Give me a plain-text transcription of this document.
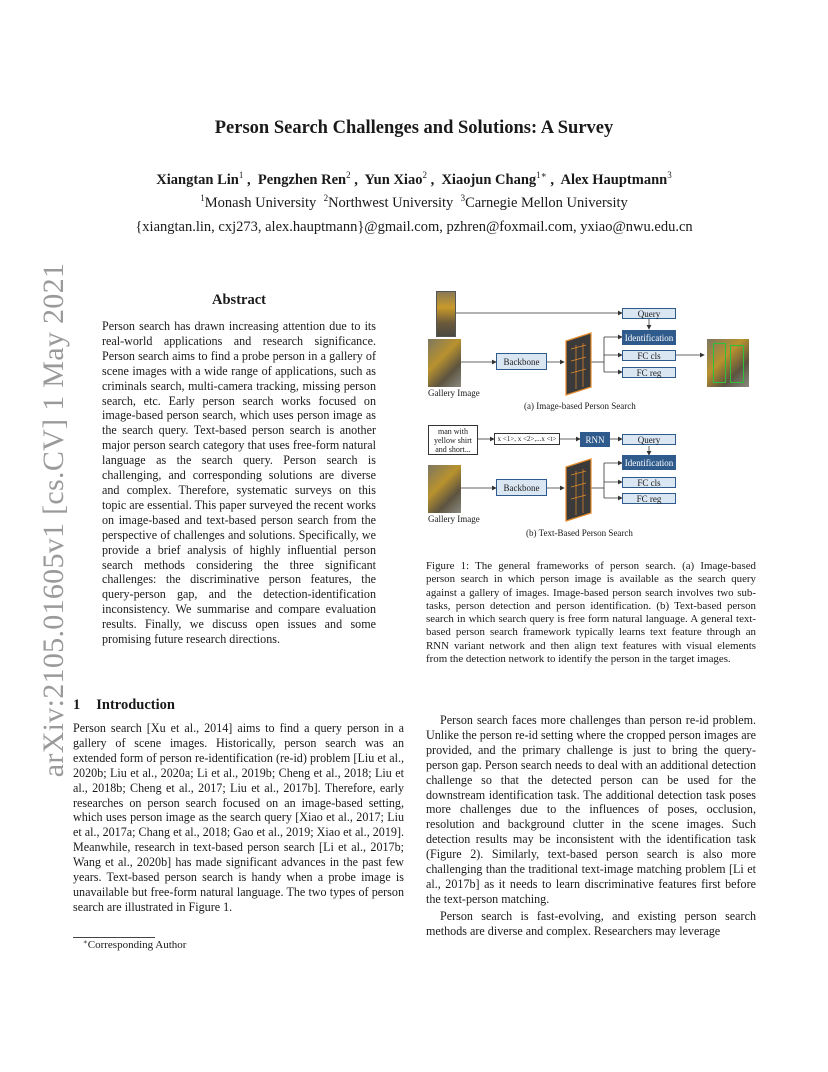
arXiv:2105.01605v1 [cs.CV] 1 May 2021
Person Search Challenges and Solutions: A Survey
Xiangtan Lin$^1$ ,  Pengzhen Ren$^2$ ,  Yun Xiao$^2$ ,  Xiaojun Chang$^{1∗}$ ,  Alex Hauptmann$^3$
$^1$Monash University $^2$Northwest University $^3$Carnegie Mellon University
{xiangtan.lin, cxj273, alex.hauptmann}@gmail.com, pzhren@foxmail.com, yxiao@nwu.edu.cn
Abstract
Person search has drawn increasing attention due to its real-world applications and research significance. Person search aims to find a probe person in a gallery of scene images with a wide range of applications, such as criminals search, multi-camera tracking, missing person search, etc. Early person search works focused on image-based person search, which uses person image as the search query. Text-based person search is another major person search category that uses free-form natural language as the search query. Person search is challenging, and corresponding solutions are diverse and complex. Therefore, systematic surveys on this topic are essential. This paper surveyed the recent works on image-based and text-based person search from the perspective of challenges and solutions. Specifically, we provide a brief analysis of highly influential person search methods considering the three significant challenges: the discriminative person features, the query-person gap, and the detection-identification inconsistency. We summarise and compare evaluation results. Finally, we discuss open issues and some promising future research directions.
1 Introduction
Person search [Xu et al., 2014] aims to find a query person in a gallery of scene images. Historically, person search was an extended form of person re-identification (re-id) problem [Liu et al., 2020b; Liu et al., 2020a; Li et al., 2019b; Cheng et al., 2018; Liu et al., 2018b; Cheng et al., 2017; Liu et al., 2017b]. Therefore, early researches on person search focused on an image-based setting, which uses person image as the search query [Xiao et al., 2017; Liu et al., 2017a; Chang et al., 2018; Gao et al., 2019; Xiao et al., 2019]. Meanwhile, research in text-based person search [Li et al., 2017b; Wang et al., 2020b] has made significant advances in the past few years. Text-based person search is handy when a probe image is unavailable but free-form natural language. The two types of person search are illustrated in Figure 1.
∗Corresponding Author
Gallery Image
Backbone
Query
Identification
FC cls
FC reg
(a) Image-based Person Search
man with yellow shirt and short...
x <1>, x <2>,...x <t>	RNN	Query
Identification
FC cls
FC reg
Backbone
Gallery Image
(b) Text-Based Person Search
Figure 1: The general frameworks of person search. (a) Image-based person search in which person image is available as the search query against a gallery of images. Image-based person search involves two sub-tasks, person detection and person identification. (b) Text-based person search in which search query is free form natural language. A general text-based person search framework typically learns text feature through an RNN variant network and then align text features with visual elements from the detection network to identify the person in the target images.

Person search faces more challenges than person re-id problem. Unlike the person re-id setting where the cropped person images are provided, and the primary challenge is just to bring the query-person gap. Person search needs to deal with an additional detection challenge so that the detected person can be used for the downstream identification task. The additional detection task poses more challenges due to the influences of poses, occlusion, resolution and background clutter in the scene images. Such detection results may be inconsistent with the identification task (Figure 2). Similarly, text-based person search is also more challenging than the traditional text-image matching problem [Li et al., 2017b] as it needs to learn discriminative features first before the text-person matching.

Person search is fast-evolving, and existing person search methods are diverse and complex. Researchers may leverage
